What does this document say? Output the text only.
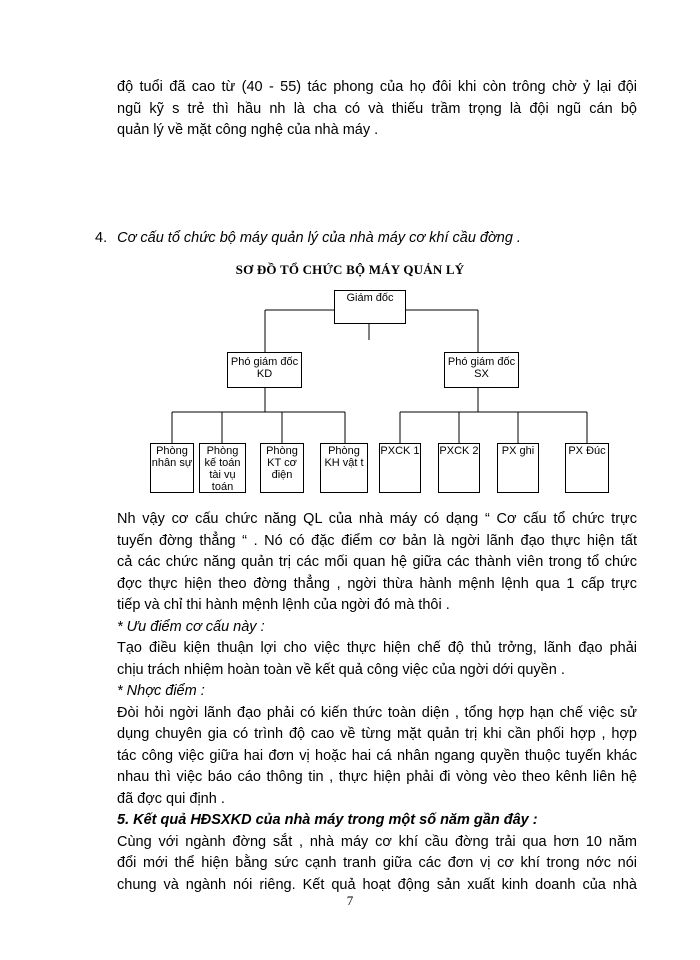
độ tuổi đã cao từ (40 - 55) tác phong của họ đôi khi còn trông chờ ỷ lại đội
ngũ kỹ s trẻ thì hầu nh là cha có và thiếu trầm trọng là đội ngũ cán bộ
quản lý về mặt công nghệ của nhà máy .
4. Cơ cấu tổ chức bộ máy quản lý của nhà máy cơ khí cầu đờng .
SƠ ĐỒ TỔ CHỨC BỘ MÁY QUẢN LÝ
Giám đốc
Phó giám đốc KD
Phó giám đốc SX
Phòng nhân sự
Phòng kế toán tài vụ toán
Phòng KT cơ điện
Phòng KH vật t
PXCK 1 PXCK 2	PX ghi	PX Đúc
Nh vậy cơ cấu chức năng QL của nhà máy có dạng “ Cơ cấu tổ chức trực
tuyến đờng thẳng “ . Nó có đặc điểm cơ bản là ngời lãnh đạo thực hiện tất
cả các chức năng quản trị các mối quan hệ giữa các thành viên trong tổ chức
đợc thực hiện theo đờng thẳng , ngời thừa hành mệnh lệnh qua 1 cấp trực
tiếp và chỉ thi hành mệnh lệnh của ngời đó mà thôi .
* Ưu điểm cơ cấu này :
Tạo điều kiện thuận lợi cho việc thực hiện chế độ thủ trởng, lãnh đạo phải
chịu trách nhiệm hoàn toàn về kết quả công việc của ngời dới quyền .
* Nhợc điểm :
Đòi hỏi ngời lãnh đạo phải có kiến thức toàn diện , tổng hợp hạn chế việc sử
dụng chuyên gia có trình độ cao về từng mặt quản trị khi cần phối hợp , hợp
tác công việc giữa hai đơn vị hoặc hai cá nhân ngang quyền thuộc tuyến khác
nhau thì việc báo cáo thông tin , thực hiện phải đi vòng vèo theo kênh liên hệ
đã đợc qui định .
5. Kết quả HĐSXKD của nhà máy trong một số năm gần đây :
Cùng với ngành đờng sắt , nhà máy cơ khí cầu đờng trải qua hơn 10 năm
đổi mới thể hiện bằng sức cạnh tranh giữa các đơn vị cơ khí trong nớc nói
chung và ngành nói riêng. Kết quả hoạt động sản xuất kinh doanh của nhà
7
